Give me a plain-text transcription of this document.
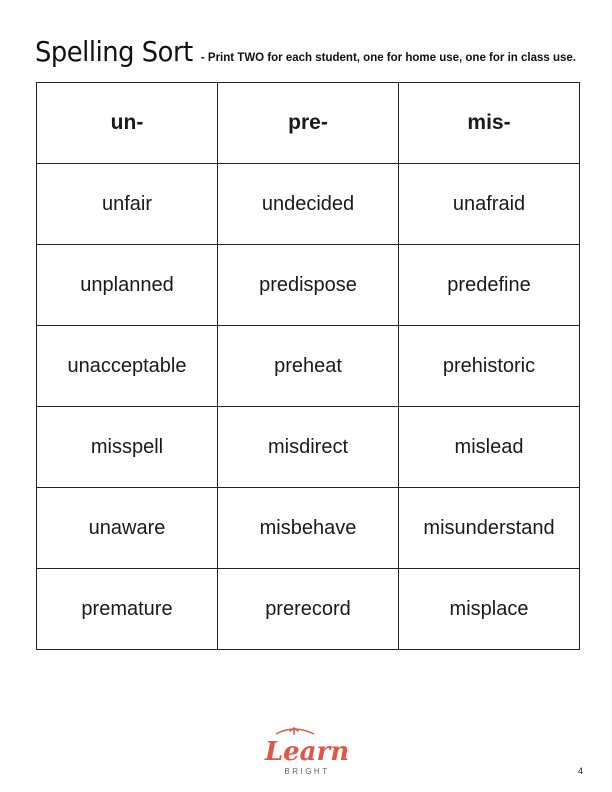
Spelling Sort - Print TWO for each student, one for home use, one for in class use.
un-	pre-	mis-
unfair	undecided	unafraid
unplanned	predispose	predefine
unacceptable	preheat	prehistoric
misspell	misdirect	mislead
unaware	misbehave	misunderstand
premature	prerecord	misplace
Learn
BRIGHT	4
